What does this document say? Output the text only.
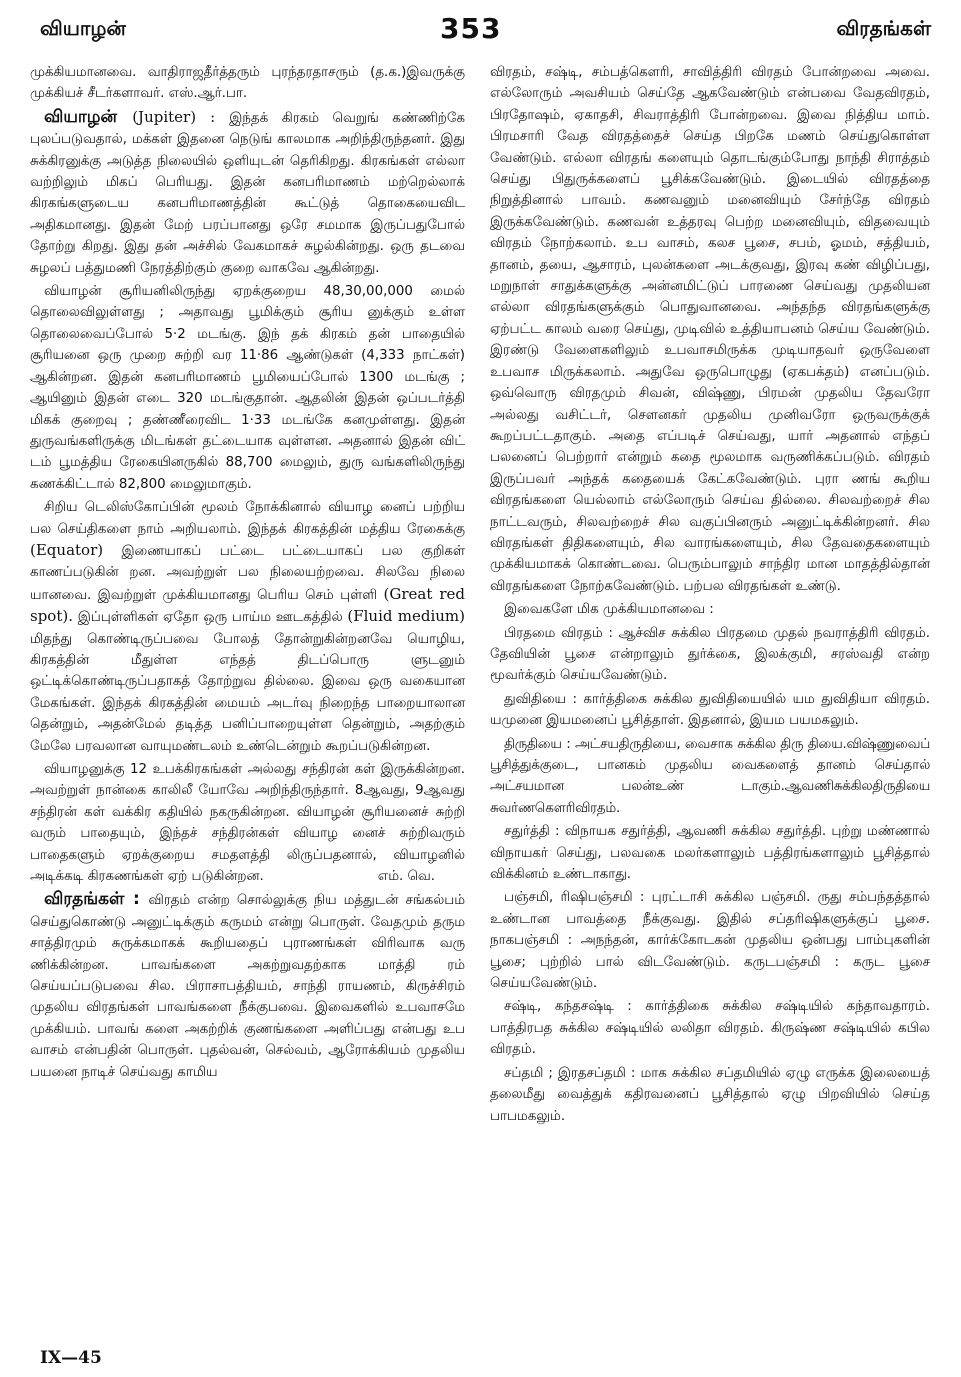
வியாழன்	353	விரதங்கள்

முக்கியமானவை. வாதிராஜதீர்த்தரும் புரந்தரதாசரும் (த.க.)இவருக்கு முக்கியச் சீடர்களாவர். எஸ்.ஆர்.பா.

வியாழன் (Jupiter) : இந்தக் கிரகம் வெறுங் கண்ணிற்கே புலப்படுவதால், மக்கள் இதனை நெடுங் காலமாக அறிந்திருந்தனர். இது சுக்கிரனுக்கு அடுத்த நிலையில் ஒளியுடன் தெரிகிறது. கிரகங்கள் எல்லா வற்றிலும் மிகப் பெரியது. இதன் கனபரிமாணம் மற்றெல்லாக் கிரகங்களுடைய கனபரிமாணத்தின் கூட்டுத் தொகையைவிட அதிகமானது. இதன் மேற் பரப்பானது ஒரே சமமாக இருப்பதுபோல் தோற்று கிறது. இது தன் அச்சில் வேகமாகச் சுழல்கின்றது. ஒரு தடவை சுழலப் பத்துமணி நேரத்திற்கும் குறை வாகவே ஆகின்றது.

வியாழன் சூரியனிலிருந்து ஏறக்குறைய 48,30,00,000 மைல் தொலைவிலுள்ளது ; அதாவது பூமிக்கும் சூரிய னுக்கும் உள்ள தொலைவைப்போல் 5·2 மடங்கு. இந் தக் கிரகம் தன் பாதையில் சூரியனை ஒரு முறை சுற்றி வர 11·86 ஆண்டுகள் (4,333 நாட்கள்) ஆகின்றன. இதன் கனபரிமாணம் பூமியைப்போல் 1300 மடங்கு ; ஆயினும் இதன் எடை 320 மடங்குதான். ஆதலின் இதன் ஒப்படர்த்தி மிகக் குறைவு ; தண்ணீரைவிட 1·33 மடங்கே கனமுள்ளது. இதன் துருவங்களிருக்கு மிடங்கள் தட்டையாக வுள்ளன. அதனால் இதன் விட் டம் பூமத்திய ரேகையினருகில் 88,700 மைலும், துரு வங்களிலிருந்து கணக்கிட்டால் 82,800 மைலுமாகும்.

சிறிய டெலிஸ்கோப்பின் மூலம் நோக்கினால் வியாழ னைப் பற்றிய பல செய்திகளை நாம் அறியலாம். இந்தக் கிரகத்தின் மத்திய ரேகைக்கு (Equator) இணையாகப் பட்டை பட்டையாகப் பல குறிகள் காணப்படுகின் றன. அவற்றுள் பல நிலையற்றவை. சிலவே நிலை யானவை. இவற்றுள் முக்கியமானது பெரிய செம் புள்ளி (Great red spot). இப்புள்ளிகள் ஏதோ ஒரு பாய்ம ஊடகத்தில் (Fluid medium) மிதந்து கொண்டிருப்பவை போலத் தோன்றுகின்றனவே யொழிய, கிரகத்தின் மீதுள்ள எந்தத் திடப்பொரு ளுடனும் ஒட்டிக்கொண்டிருப்பதாகத் தோற்றுவ தில்லை. இவை ஒரு வகையான மேகங்கள். இந்தக் கிரகத்தின் மையம் அடர்வு நிறைந்த பாறையாலான தென்றும், அதன்மேல் தடித்த பனிப்பாறையுள்ள தென்றும், அதற்கும் மேலே பரவலான வாயுமண்டலம் உண்டென்றும் கூறப்படுகின்றன.

வியாழனுக்கு 12 உபக்கிரகங்கள் அல்லது சந்திரன் கள் இருக்கின்றன. அவற்றுள் நான்கை காலிலீ யோவே அறிந்திருந்தார். 8ஆவது, 9ஆவது சந்திரன் கள் வக்கிர கதியில் நகருகின்றன. வியாழன் சூரியனைச் சுற்றி வரும் பாதையும், இந்தச் சந்திரன்கள் வியாழ னைச் சுற்றிவரும் பாதைகளும் ஏறக்குறைய சமதளத்தி லிருப்பதனால், வியாழனில் அடிக்கடி கிரகணங்கள் ஏற் படுகின்றன.	எம். வெ.

விரதங்கள் : விரதம் என்ற சொல்லுக்கு நிய மத்துடன் சங்கல்பம் செய்துகொண்டு அனுட்டிக்கும் கருமம் என்று பொருள். வேதமும் தரும சாத்திரமும் சுருக்கமாகக் கூறியதைப் புராணங்கள் விரிவாக வரு ணிக்கின்றன. பாவங்களை அகற்றுவதற்காக மாத்தி ரம் செய்யப்படுபவை சில. பிராசாபத்தியம், சாந்தி ராயணம், கிருச்சிரம் முதலிய விரதங்கள் பாவங்களை நீக்குபவை. இவைகளில் உபவாசமே முக்கியம். பாவங் களை அகற்றிக் குணங்களை அளிப்பது என்பது உப வாசம் என்பதின் பொருள். புதல்வன், செல்வம், ஆரோக்கியம் முதலிய பயனை நாடிச் செய்வது காமிய

விரதம், சஷ்டி, சம்பத்கௌரி, சாவித்திரி விரதம் போன்றவை அவை. எல்லோரும் அவசியம் செய்தே ஆகவேண்டும் என்பவை வேதவிரதம், பிரதோஷம், ஏகாதசி, சிவராத்திரி போன்றவை. இவை நித்திய மாம். பிரமசாரி வேத விரதத்தைச் செய்த பிறகே மணம் செய்துகொள்ள வேண்டும். எல்லா விரதங் களையும் தொடங்கும்போது நாந்தி சிராத்தம் செய்து பிதுருக்களைப் பூசிக்கவேண்டும். இடையில் விரதத்தை நிறுத்தினால் பாவம். கணவனும் மனைவியும் சேர்ந்தே விரதம் இருக்கவேண்டும். கணவன் உத்தரவு பெற்ற மனைவியும், விதவையும் விரதம் நோற்கலாம். உப வாசம், கலச பூசை, சபம், ஓமம், சத்தியம், தானம், தயை, ஆசாரம், புலன்களை அடக்குவது, இரவு கண் விழிப்பது, மறுநாள் சாதுக்களுக்கு அன்னமிட்டுப் பாரணை செய்வது முதலியன எல்லா விரதங்களுக்கும் பொதுவானவை. அந்தந்த விரதங்களுக்கு ஏற்பட்ட காலம் வரை செய்து, முடிவில் உத்தியாபனம் செய்ய வேண்டும். இரண்டு வேளைகளிலும் உபவாசமிருக்க முடியாதவர் ஒருவேளை உபவாச மிருக்கலாம். அதுவே ஒருபொழுது (ஏகபக்தம்) எனப்படும். ஒவ்வொரு விரதமும் சிவன், விஷ்ணு, பிரமன் முதலிய தேவரோ அல்லது வசிட்டர், சௌனகர் முதலிய முனிவரோ ஒருவருக்குக் கூறப்பட்டதாகும். அதை எப்படிச் செய்வது, யார் அதனால் எந்தப் பலனைப் பெற்றார் என்றும் கதை மூலமாக வருணிக்கப்படும். விரதம் இருப்பவர் அந்தக் கதையைக் கேட்கவேண்டும். புரா ணங் கூறிய விரதங்களை யெல்லாம் எல்லோரும் செய்வ தில்லை. சிலவற்றைச் சில நாட்டவரும், சிலவற்றைச் சில வகுப்பினரும் அனுட்டிக்கின்றனர். சில விரதங்கள் திதிகளையும், சில வாரங்களையும், சில தேவதைகளையும் முக்கியமாகக் கொண்டவை. பெரும்பாலும் சாந்திர மான மாதத்தில்தான் விரதங்களை நோற்கவேண்டும். பற்பல விரதங்கள் உண்டு.

இவைகளே மிக முக்கியமானவை :

பிரதமை விரதம் : ஆச்விச சுக்கில பிரதமை முதல் நவராத்திரி விரதம். தேவியின் பூசை என்றாலும் துர்க்கை, இலக்குமி, சரஸ்வதி என்ற மூவர்க்கும் செய்யவேண்டும்.

துவிதியை : கார்த்திகை சுக்கில துவிதியையில் யம துவிதியா விரதம். யமுனை இயமனைப் பூசித்தாள். இதனால், இயம பயமகலும்.

திருதியை : அட்சயதிருதியை, வைசாக சுக்கில திரு தியை.விஷ்ணுவைப் பூசித்துக்குடை, பானகம் முதலிய வைகளைத் தானம் செய்தால் அட்சயமான பலன்உண் டாகும்.ஆவணிசுக்கிலதிருதியை சுவர்ணகௌரிவிரதம்.

சதுர்த்தி : விநாயக சதுர்த்தி, ஆவணி சுக்கில சதுர்த்தி. புற்று மண்ணால் விநாயகர் செய்து, பலவகை மலர்களாலும் பத்திரங்களாலும் பூசித்தால் விக்கினம் உண்டாகாது.

பஞ்சமி, ரிஷிபஞ்சமி : புரட்டாசி சுக்கில பஞ்சமி. ருது சம்பந்தத்தால் உண்டான பாவத்தை நீக்குவது. இதில் சப்தரிஷிகளுக்குப் பூசை. நாகபஞ்சமி : அநந்தன், கார்க்கோடகன் முதலிய ஒன்பது பாம்புகளின் பூசை; புற்றில் பால் விடவேண்டும். கருடபஞ்சமி : கருட பூசை செய்யவேண்டும்.

சஷ்டி, கந்தசஷ்டி : கார்த்திகை சுக்கில சஷ்டியில் கந்தாவதாரம். பாத்திரபத சுக்கில சஷ்டியில் லலிதா விரதம். கிருஷ்ண சஷ்டியில் கபில விரதம்.

சப்தமி ; இரதசப்தமி : மாக சுக்கில சப்தமியில் ஏழு எருக்க இலையைத் தலைமீது வைத்துக் கதிரவனைப் பூசித்தால் ஏழு பிறவியில் செய்த பாபமகலும்.

IX—45
